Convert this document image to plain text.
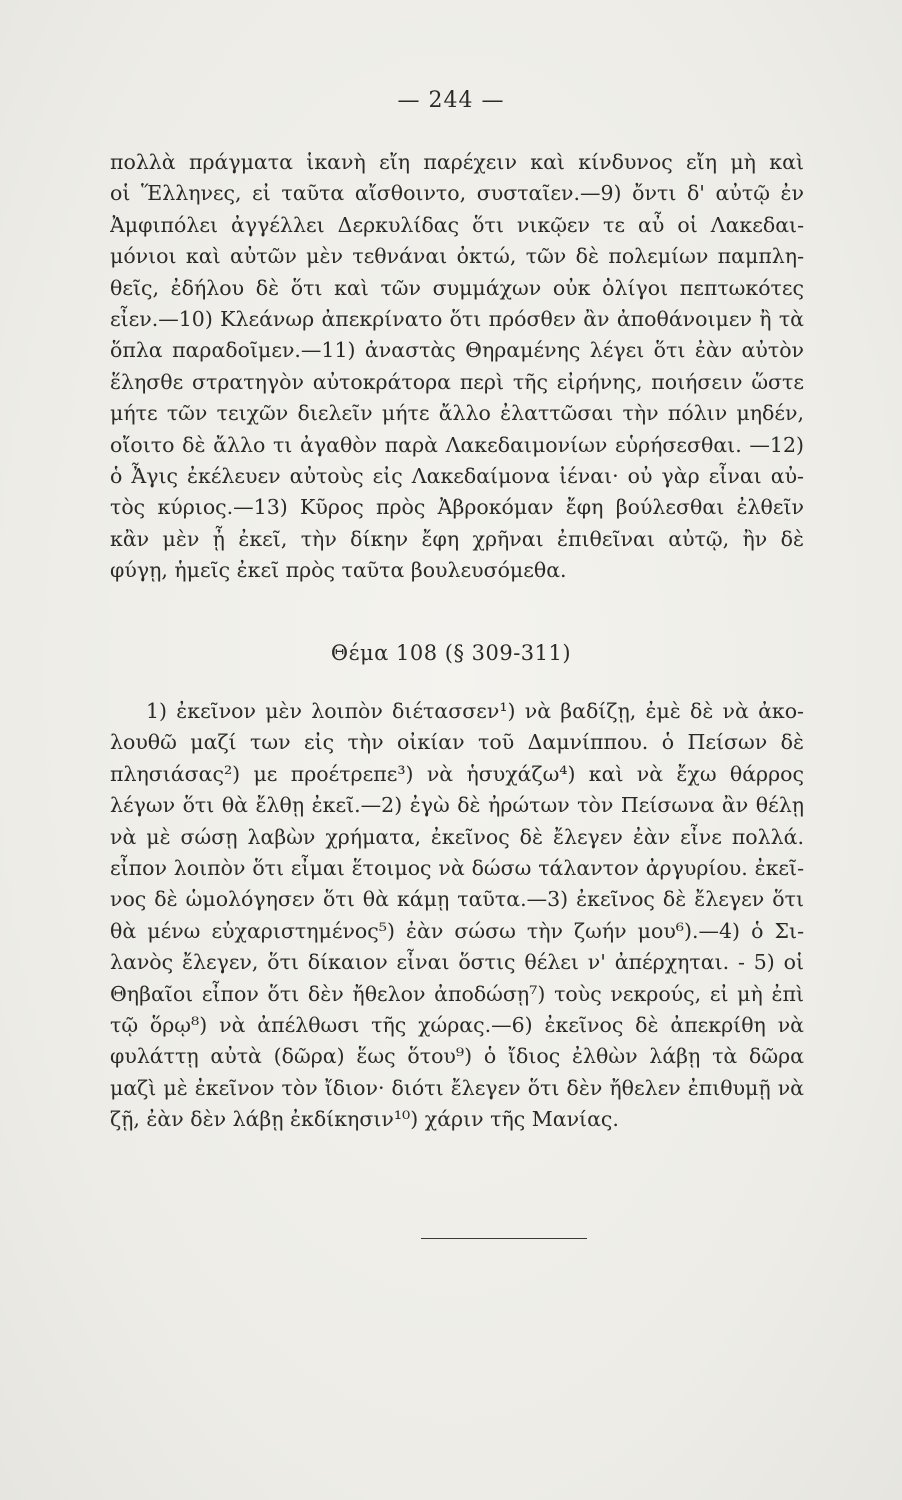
— 244 —
πολλὰ πράγματα ἱκανὴ εἴη παρέχειν καὶ κίνδυνος εἴη μὴ καὶ
οἱ Ἕλληνες, εἰ ταῦτα αἴσθοιντο, συσταῖεν.—9) ὄντι δ' αὐτῷ ἐν
Ἀμφιπόλει ἀγγέλλει Δερκυλίδας ὅτι νικῷεν τε αὖ οἱ Λακεδαι-
μόνιοι καὶ αὐτῶν μὲν τεθνάναι ὀκτώ, τῶν δὲ πολεμίων παμπλη-
θεῖς, ἐδήλου δὲ ὅτι καὶ τῶν συμμάχων οὐκ ὀλίγοι πεπτωκότες
εἶεν.—10) Κλεάνωρ ἀπεκρίνατο ὅτι πρόσθεν ἂν ἀποθάνοιμεν ἢ τὰ
ὅπλα παραδοῖμεν.—11) ἀναστὰς Θηραμένης λέγει ὅτι ἐὰν αὐτὸν
ἕλησθε στρατηγὸν αὐτοκράτορα περὶ τῆς εἰρήνης, ποιήσειν ὥστε
μήτε τῶν τειχῶν διελεῖν μήτε ἄλλο ἐλαττῶσαι τὴν πόλιν μηδέν,
οἴοιτο δὲ ἄλλο τι ἀγαθὸν παρὰ Λακεδαιμονίων εὑρήσεσθαι. —12)
ὁ Ἆγις ἐκέλευεν αὐτοὺς εἰς Λακεδαίμονα ἰέναι· οὐ γὰρ εἶναι αὐ-
τὸς κύριος.—13) Κῦρος πρὸς Ἀβροκόμαν ἔφη βούλεσθαι ἐλθεῖν
κἂν μὲν ᾖ ἐκεῖ, τὴν δίκην ἔφη χρῆναι ἐπιθεῖναι αὐτῷ, ἢν δὲ
φύγῃ, ἡμεῖς ἐκεῖ πρὸς ταῦτα βουλευσόμεθα.
Θέμα 108 (§ 309-311)
1) ἐκεῖνον μὲν λοιπὸν διέτασσεν¹) νὰ βαδίζῃ, ἐμὲ δὲ νὰ ἀκο-
λουθῶ μαζί των εἰς τὴν οἰκίαν τοῦ Δαμνίππου. ὁ Πείσων δὲ
πλησιάσας²) με προέτρεπε³) νὰ ἡσυχάζω⁴) καὶ νὰ ἔχω θάρρος
λέγων ὅτι θὰ ἔλθῃ ἐκεῖ.—2) ἐγὼ δὲ ἠρώτων τὸν Πείσωνα ἂν θέλῃ
νὰ μὲ σώσῃ λαβὼν χρήματα, ἐκεῖνος δὲ ἔλεγεν ἐὰν εἶνε πολλά.
εἶπον λοιπὸν ὅτι εἶμαι ἕτοιμος νὰ δώσω τάλαντον ἀργυρίου. ἐκεῖ-
νος δὲ ὡμολόγησεν ὅτι θὰ κάμῃ ταῦτα.—3) ἐκεῖνος δὲ ἔλεγεν ὅτι
θὰ μένω εὐχαριστημένος⁵) ἐὰν σώσω τὴν ζωήν μου⁶).—4) ὁ Σι-
λανὸς ἔλεγεν, ὅτι δίκαιον εἶναι ὅστις θέλει ν' ἀπέρχηται. - 5) οἱ
Θηβαῖοι εἶπον ὅτι δὲν ἤθελον ἀποδώσῃ⁷) τοὺς νεκρούς, εἰ μὴ ἐπὶ
τῷ ὅρῳ⁸) νὰ ἀπέλθωσι τῆς χώρας.—6) ἐκεῖνος δὲ ἀπεκρίθη νὰ
φυλάττῃ αὐτὰ (δῶρα) ἕως ὅτου⁹) ὁ ἴδιος ἐλθὼν λάβῃ τὰ δῶρα
μαζὶ μὲ ἐκεῖνον τὸν ἴδιον· διότι ἔλεγεν ὅτι δὲν ἤθελεν ἐπιθυμῇ νὰ
ζῇ, ἐὰν δὲν λάβῃ ἐκδίκησιν¹⁰) χάριν τῆς Μανίας.
